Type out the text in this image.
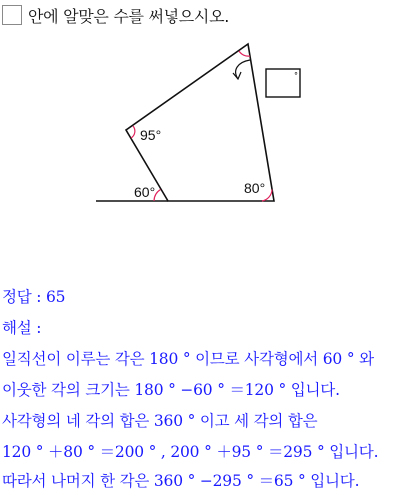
안에 알맞은 수를 써넣으시오.
°
95°
60°	80°
정답 : 65
해설 :
일직선이 이루는 각은 180 ° 이므로 사각형에서 60 ° 와
이웃한 각의 크기는 180 ° −60 ° ＝120 ° 입니다.
사각형의 네 각의 합은 360 ° 이고 세 각의 합은
120 ° ＋80 ° ＝200 ° , 200 ° ＋95 ° ＝295 ° 입니다.
따라서 나머지 한 각은 360 ° −295 ° ＝65 ° 입니다.
